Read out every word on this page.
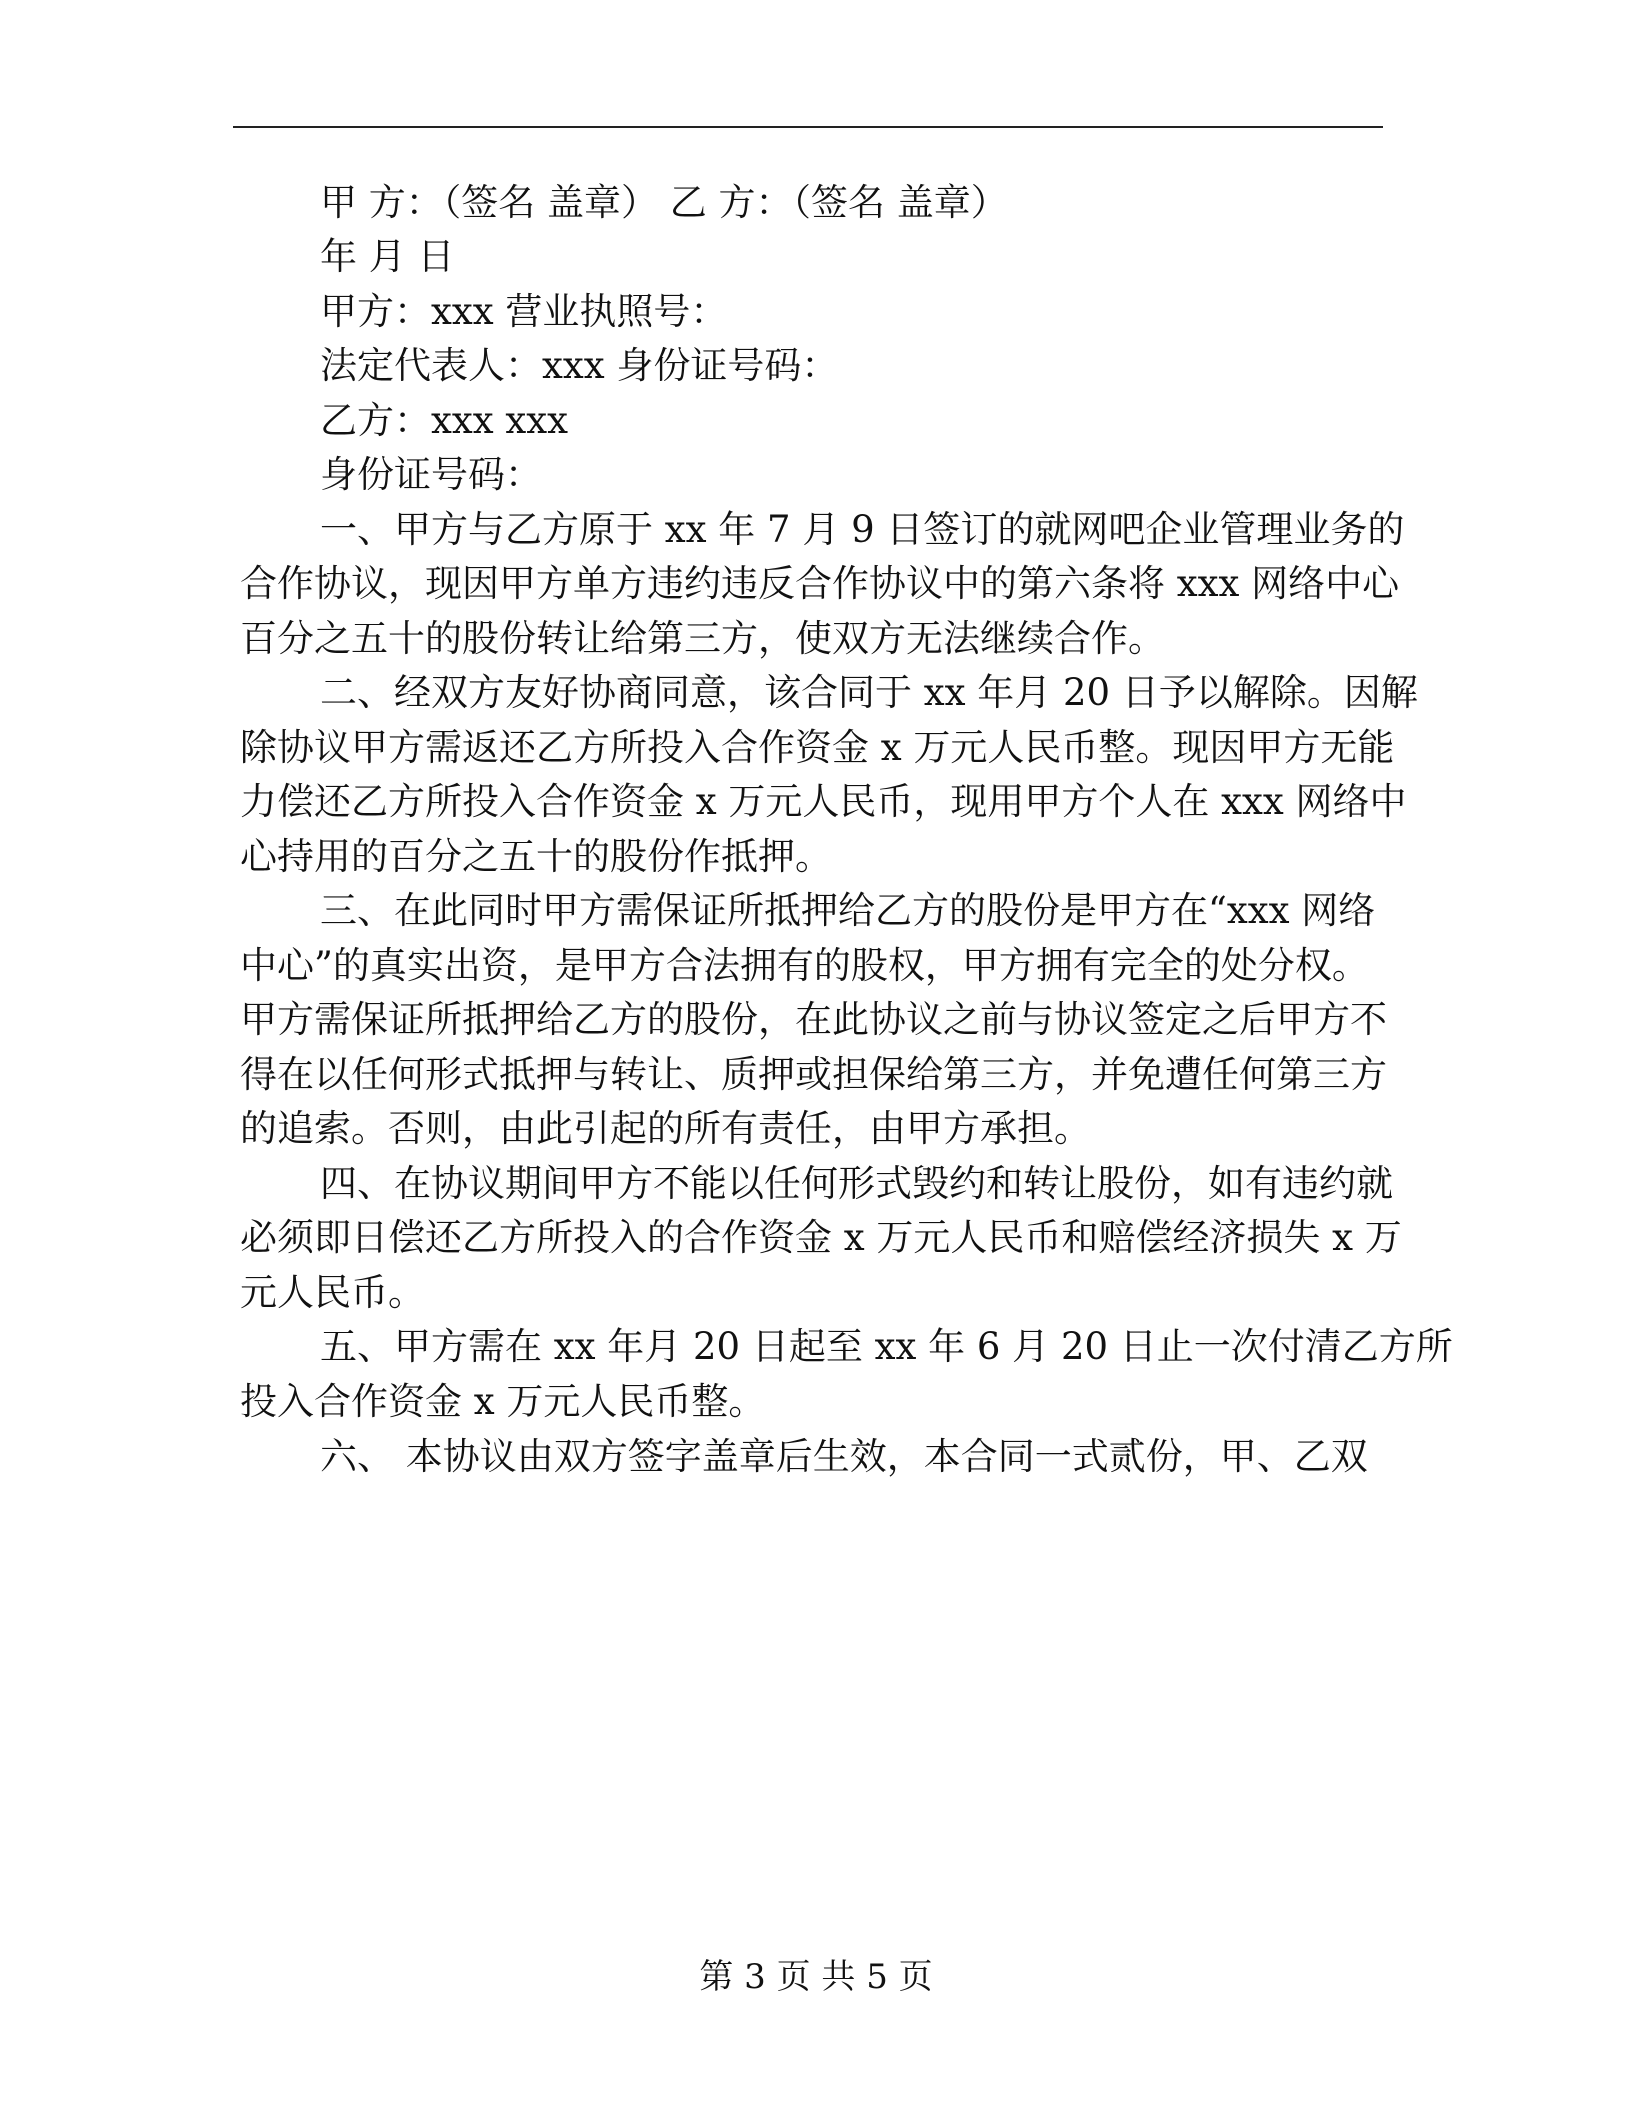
甲 方：（签名 盖章） 乙 方：（签名 盖章）
年 月 日
甲方：xxx 营业执照号：
法定代表人：xxx 身份证号码：
乙方：xxx xxx
身份证号码：
一、甲方与乙方原于 xx 年 7 月 9 日签订的就网吧企业管理业务的
合作协议，现因甲方单方违约违反合作协议中的第六条将 xxx 网络中心
百分之五十的股份转让给第三方，使双方无法继续合作。
二、经双方友好协商同意，该合同于 xx 年月 20 日予以解除。因解
除协议甲方需返还乙方所投入合作资金 x 万元人民币整。现因甲方无能
力偿还乙方所投入合作资金 x 万元人民币，现用甲方个人在 xxx 网络中
心持用的百分之五十的股份作抵押。
三、在此同时甲方需保证所抵押给乙方的股份是甲方在“xxx 网络
中心”的真实出资，是甲方合法拥有的股权，甲方拥有完全的处分权。
甲方需保证所抵押给乙方的股份，在此协议之前与协议签定之后甲方不
得在以任何形式抵押与转让、质押或担保给第三方，并免遭任何第三方
的追索。否则，由此引起的所有责任，由甲方承担。
四、在协议期间甲方不能以任何形式毁约和转让股份，如有违约就
必须即日偿还乙方所投入的合作资金 x 万元人民币和赔偿经济损失 x 万
元人民币。
五、甲方需在 xx 年月 20 日起至 xx 年 6 月 20 日止一次付清乙方所
投入合作资金 x 万元人民币整。
六、 本协议由双方签字盖章后生效，本合同一式贰份，甲、乙双
第 3 页 共 5 页
